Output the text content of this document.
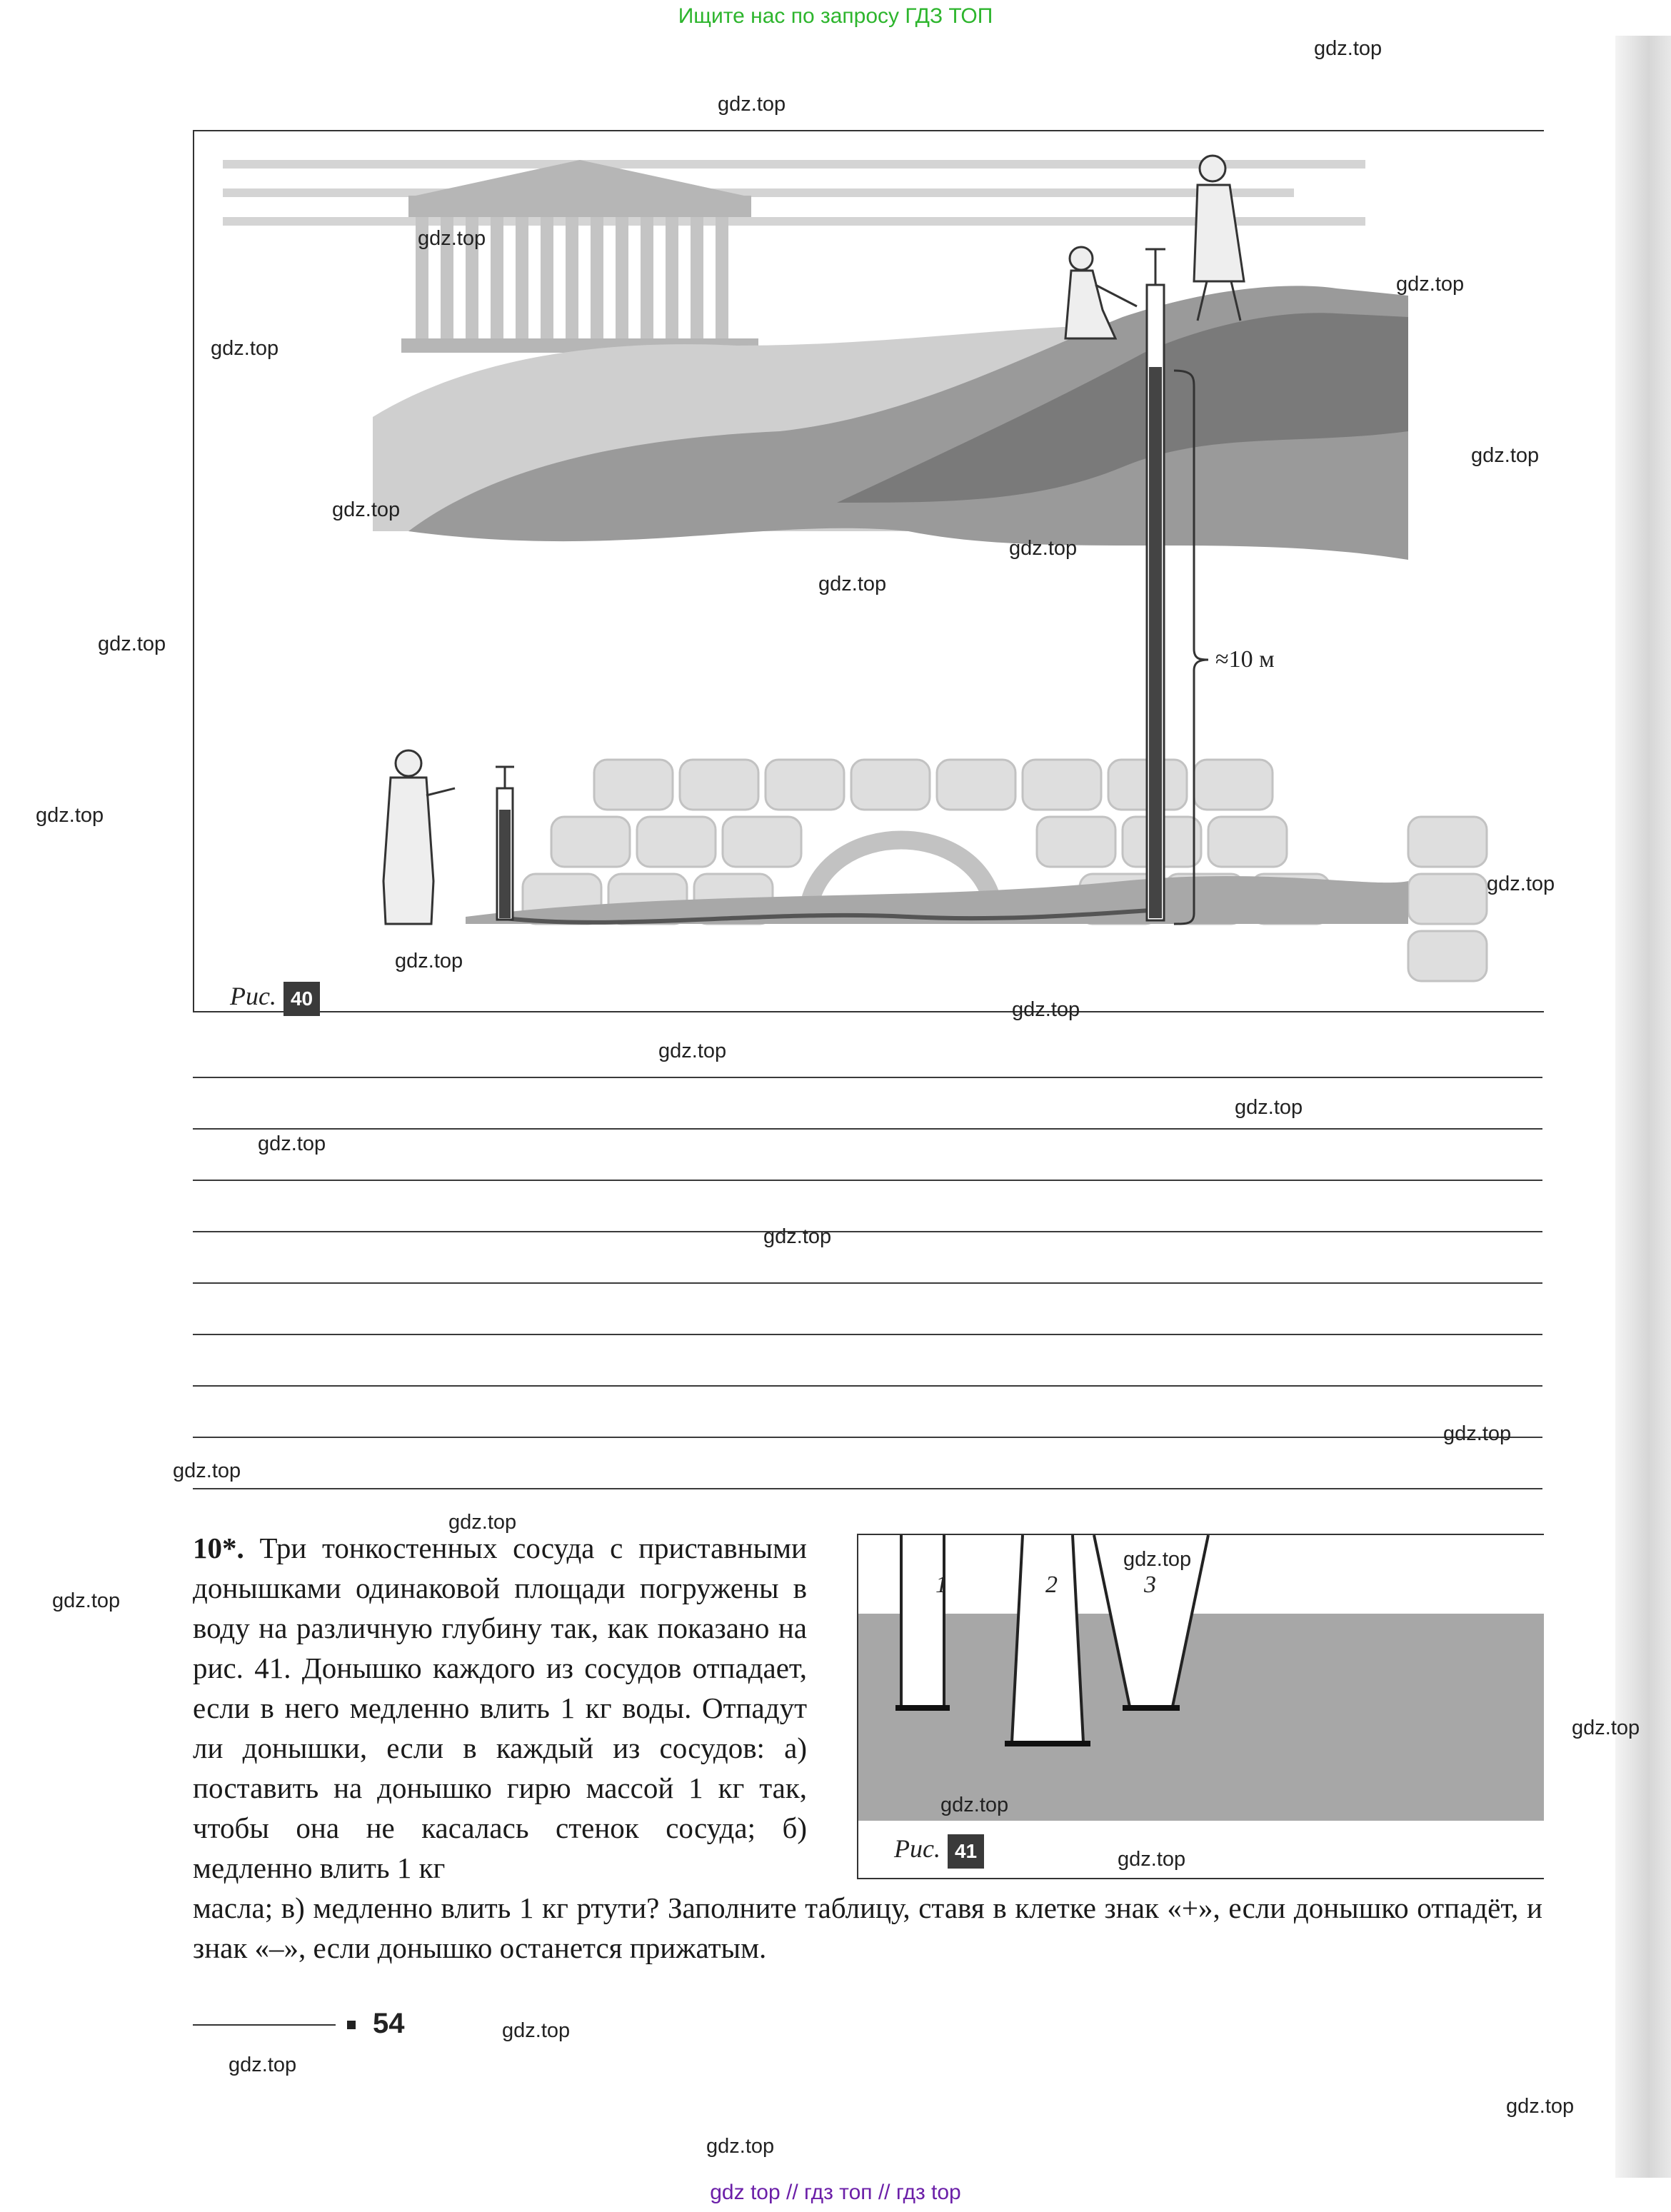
Ищите нас по запросу ГДЗ ТОП
≈10 м
Рис. 40
1	2	3
Рис. 41
10*. Три тонкостенных сосуда с приставными донышками одинаковой площади погружены в воду на различную глубину так, как показано на рис. 41. Донышко каждого из сосудов отпадает, если в него медленно влить 1 кг воды. Отпадут ли донышки, если в каждый из сосудов: а) поставить на донышко гирю массой 1 кг так, чтобы она не касалась стенок сосуда; б) медленно влить 1 кг
масла; в) медленно влить 1 кг ртути? Заполните таблицу, ставя в клетке знак «+», если донышко отпадёт, и знак «–», если донышко останется прижатым.
54
gdz.top
gdz.top
gdz.top
gdz.top
gdz.top
gdz.top
gdz.top
gdz.top
gdz.top
gdz.top
gdz.top
gdz.top
gdz.top
gdz.top
gdz.top
gdz.top
gdz.top
gdz.top
gdz.top
gdz.top
gdz.top
gdz.top
gdz.top
gdz.top
gdz.top
gdz.top
gdz.top
gdz.top
gdz.top
gdz.top
gdz top // гдз топ // гдз top
